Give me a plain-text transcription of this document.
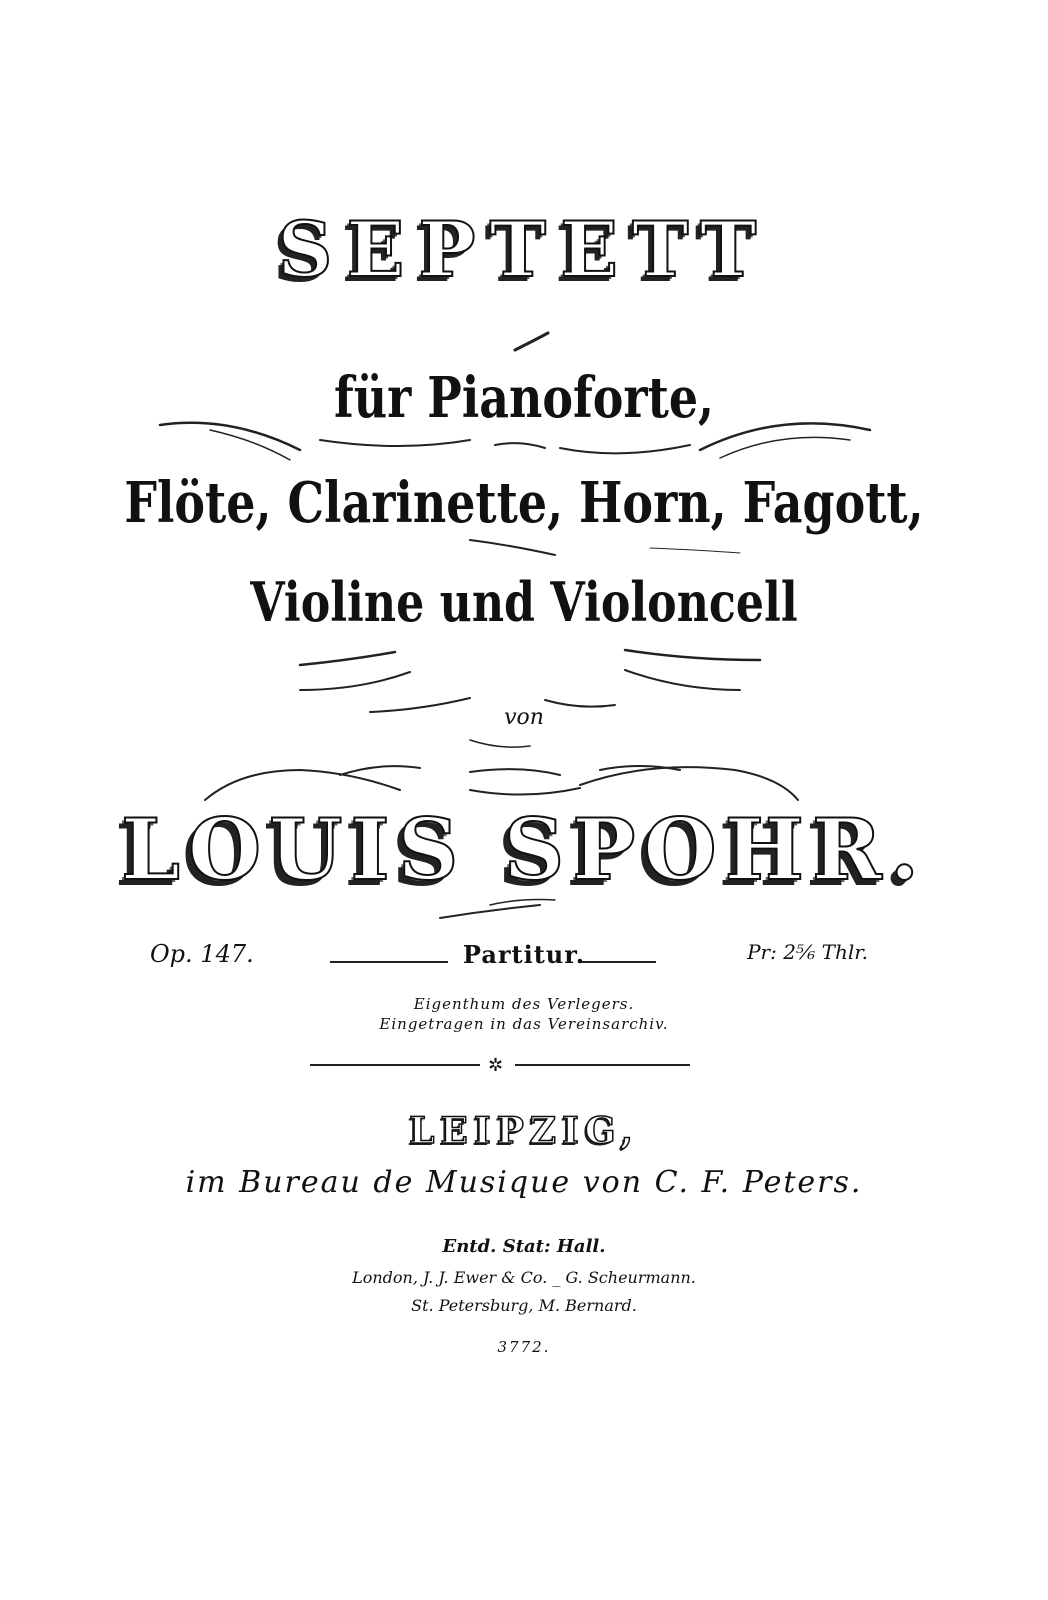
SEPTETT
für Pianoforte,
Flöte, Clarinette, Horn, Fagott,
Violine und Violoncell
von
LOUIS SPOHR.
Op. 147.	Partitur.	Pr: 2⅚ Thlr.
Eigenthum des Verlegers.
Eingetragen in das Vereinsarchiv.
✲
LEIPZIG,
im Bureau de Musique von C. F. Peters.
Entd. Stat: Hall.
London, J. J. Ewer & Co. _ G. Scheurmann.
St. Petersburg, M. Bernard.
3772.
